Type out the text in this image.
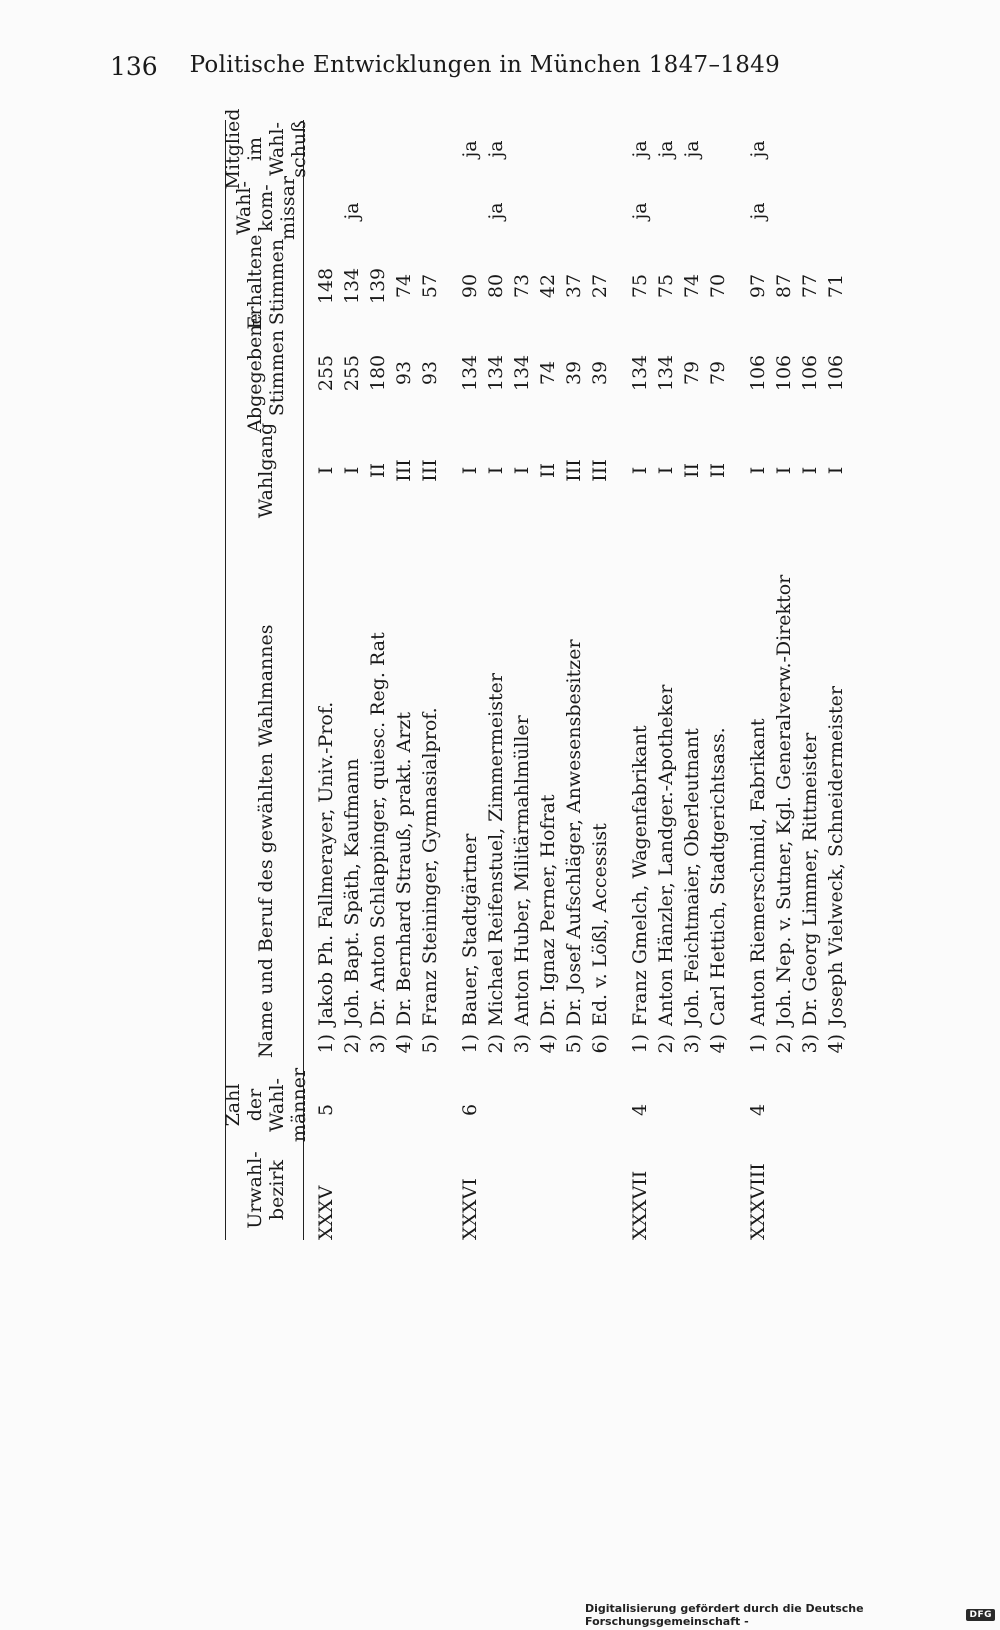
136 Politische Entwicklungen in München 1847–1849
Urwahl-
bezirk
Zahl der
Wahl-
männer
Name und Beruf des gewählten Wahlmannes
Wahlgang
Abgegebene
Stimmen
Erhaltene
Stimmen
Wahl-
kom-
missar
Mitglied
im Wahl-
schuß
XXXV
5
1)
Jakob Ph. Fallmerayer, Univ.-Prof.
I
255
148
2)
Joh. Bapt. Späth, Kaufmann
I
255
134
ja
3)
Dr. Anton Schlappinger, quiesc. Reg. Rat
II
180
139
4)
Dr. Bernhard Strauß, prakt. Arzt
III
93
74
5)
Franz Steininger, Gymnasialprof.
III
93
57
XXXVI
6
1)
Bauer, Stadtgärtner
I
134
90
ja
2)
Michael Reifenstuel, Zimmermeister
I
134
80
ja
ja
3)
Anton Huber, Militärmahlmüller
I
134
73
4)
Dr. Ignaz Perner, Hofrat
II
74
42
5)
Dr. Josef Aufschläger, Anwesensbesitzer
III
39
37
6)
Ed. v. Lößl, Accessist
III
39
27
XXXVII
4
1)
Franz Gmelch, Wagenfabrikant
I
134
75
ja
ja
2)
Anton Hänzler, Landger.-Apotheker
I
134
75
ja
3)
Joh. Feichtmaier, Oberleutnant
II
79
74
ja
4)
Carl Hettich, Stadtgerichtsass.
II
79
70
XXXVIII
4
1)
Anton Riemerschmid, Fabrikant
I
106
97
ja
ja
2)
Joh. Nep. v. Sutner, Kgl. Generalverw.-Direktor
I
106
87
3)
Dr. Georg Limmer, Rittmeister
I
106
77
4)
Joseph Vielweck, Schneidermeister
I
106
71
Digitalisierung gefördert durch die Deutsche Forschungsgemeinschaft -	DFG
